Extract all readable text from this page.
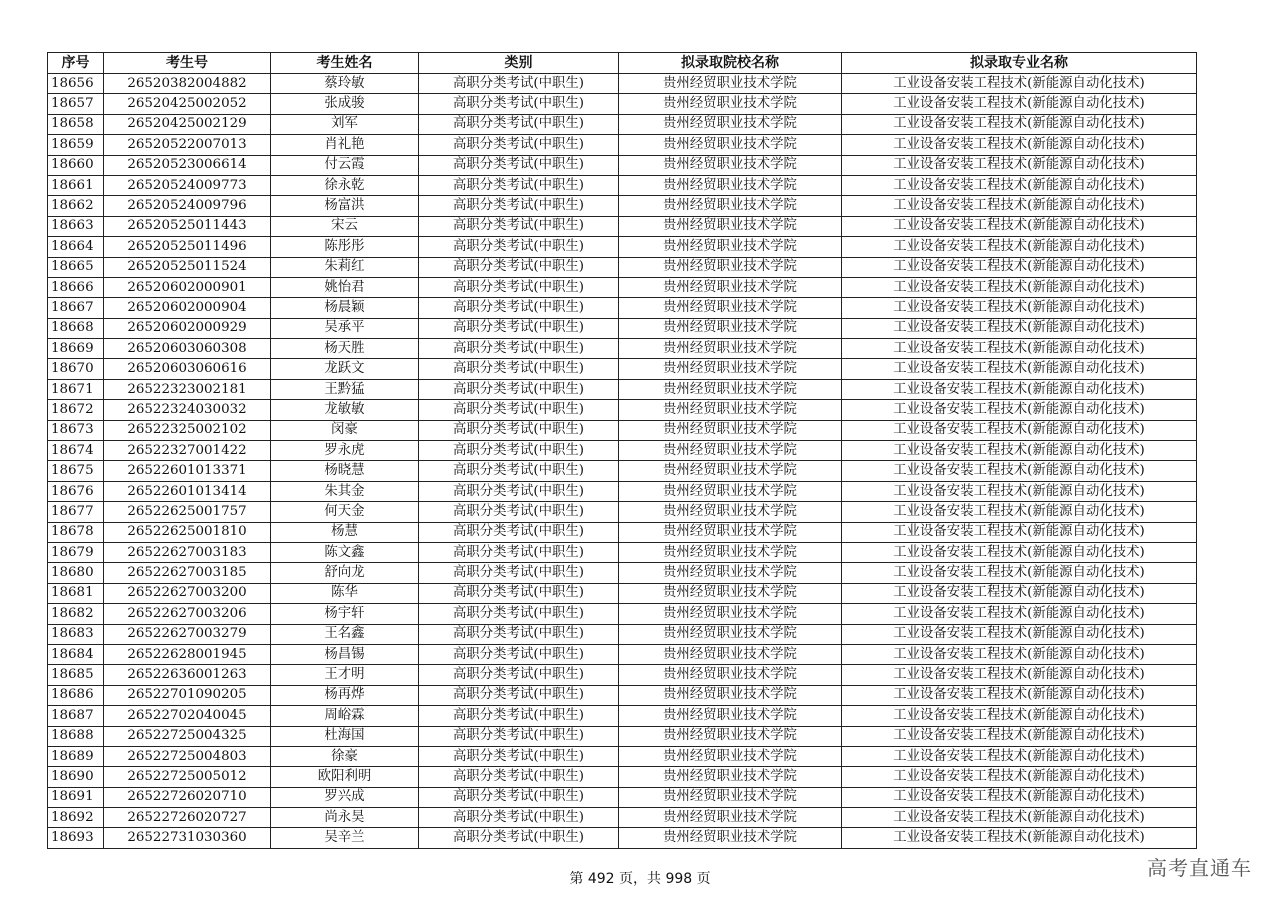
序号	考生号	考生姓名	类别	拟录取院校名称	拟录取专业名称
18656	26520382004882	蔡玲敏	高职分类考试(中职生)	贵州经贸职业技术学院	工业设备安装工程技术(新能源自动化技术)
18657	26520425002052	张成骏	高职分类考试(中职生)	贵州经贸职业技术学院	工业设备安装工程技术(新能源自动化技术)
18658	26520425002129	刘军	高职分类考试(中职生)	贵州经贸职业技术学院	工业设备安装工程技术(新能源自动化技术)
18659	26520522007013	肖礼艳	高职分类考试(中职生)	贵州经贸职业技术学院	工业设备安装工程技术(新能源自动化技术)
18660	26520523006614	付云霞	高职分类考试(中职生)	贵州经贸职业技术学院	工业设备安装工程技术(新能源自动化技术)
18661	26520524009773	徐永乾	高职分类考试(中职生)	贵州经贸职业技术学院	工业设备安装工程技术(新能源自动化技术)
18662	26520524009796	杨富洪	高职分类考试(中职生)	贵州经贸职业技术学院	工业设备安装工程技术(新能源自动化技术)
18663	26520525011443	宋云	高职分类考试(中职生)	贵州经贸职业技术学院	工业设备安装工程技术(新能源自动化技术)
18664	26520525011496	陈彤彤	高职分类考试(中职生)	贵州经贸职业技术学院	工业设备安装工程技术(新能源自动化技术)
18665	26520525011524	朱莉红	高职分类考试(中职生)	贵州经贸职业技术学院	工业设备安装工程技术(新能源自动化技术)
18666	26520602000901	姚怡君	高职分类考试(中职生)	贵州经贸职业技术学院	工业设备安装工程技术(新能源自动化技术)
18667	26520602000904	杨晨颖	高职分类考试(中职生)	贵州经贸职业技术学院	工业设备安装工程技术(新能源自动化技术)
18668	26520602000929	吴承平	高职分类考试(中职生)	贵州经贸职业技术学院	工业设备安装工程技术(新能源自动化技术)
18669	26520603060308	杨天胜	高职分类考试(中职生)	贵州经贸职业技术学院	工业设备安装工程技术(新能源自动化技术)
18670	26520603060616	龙跃文	高职分类考试(中职生)	贵州经贸职业技术学院	工业设备安装工程技术(新能源自动化技术)
18671	26522323002181	王黔猛	高职分类考试(中职生)	贵州经贸职业技术学院	工业设备安装工程技术(新能源自动化技术)
18672	26522324030032	龙敏敏	高职分类考试(中职生)	贵州经贸职业技术学院	工业设备安装工程技术(新能源自动化技术)
18673	26522325002102	闵豪	高职分类考试(中职生)	贵州经贸职业技术学院	工业设备安装工程技术(新能源自动化技术)
18674	26522327001422	罗永虎	高职分类考试(中职生)	贵州经贸职业技术学院	工业设备安装工程技术(新能源自动化技术)
18675	26522601013371	杨晓慧	高职分类考试(中职生)	贵州经贸职业技术学院	工业设备安装工程技术(新能源自动化技术)
18676	26522601013414	朱其金	高职分类考试(中职生)	贵州经贸职业技术学院	工业设备安装工程技术(新能源自动化技术)
18677	26522625001757	何天金	高职分类考试(中职生)	贵州经贸职业技术学院	工业设备安装工程技术(新能源自动化技术)
18678	26522625001810	杨慧	高职分类考试(中职生)	贵州经贸职业技术学院	工业设备安装工程技术(新能源自动化技术)
18679	26522627003183	陈文鑫	高职分类考试(中职生)	贵州经贸职业技术学院	工业设备安装工程技术(新能源自动化技术)
18680	26522627003185	舒向龙	高职分类考试(中职生)	贵州经贸职业技术学院	工业设备安装工程技术(新能源自动化技术)
18681	26522627003200	陈华	高职分类考试(中职生)	贵州经贸职业技术学院	工业设备安装工程技术(新能源自动化技术)
18682	26522627003206	杨宇轩	高职分类考试(中职生)	贵州经贸职业技术学院	工业设备安装工程技术(新能源自动化技术)
18683	26522627003279	王名鑫	高职分类考试(中职生)	贵州经贸职业技术学院	工业设备安装工程技术(新能源自动化技术)
18684	26522628001945	杨昌锡	高职分类考试(中职生)	贵州经贸职业技术学院	工业设备安装工程技术(新能源自动化技术)
18685	26522636001263	王才明	高职分类考试(中职生)	贵州经贸职业技术学院	工业设备安装工程技术(新能源自动化技术)
18686	26522701090205	杨再烨	高职分类考试(中职生)	贵州经贸职业技术学院	工业设备安装工程技术(新能源自动化技术)
18687	26522702040045	周峪霖	高职分类考试(中职生)	贵州经贸职业技术学院	工业设备安装工程技术(新能源自动化技术)
18688	26522725004325	杜海国	高职分类考试(中职生)	贵州经贸职业技术学院	工业设备安装工程技术(新能源自动化技术)
18689	26522725004803	徐豪	高职分类考试(中职生)	贵州经贸职业技术学院	工业设备安装工程技术(新能源自动化技术)
18690	26522725005012	欧阳利明	高职分类考试(中职生)	贵州经贸职业技术学院	工业设备安装工程技术(新能源自动化技术)
18691	26522726020710	罗兴成	高职分类考试(中职生)	贵州经贸职业技术学院	工业设备安装工程技术(新能源自动化技术)
18692	26522726020727	尚永昊	高职分类考试(中职生)	贵州经贸职业技术学院	工业设备安装工程技术(新能源自动化技术)
18693	26522731030360	吴辛兰	高职分类考试(中职生)	贵州经贸职业技术学院	工业设备安装工程技术(新能源自动化技术)
第 492 页，共 998 页	高考直通车
